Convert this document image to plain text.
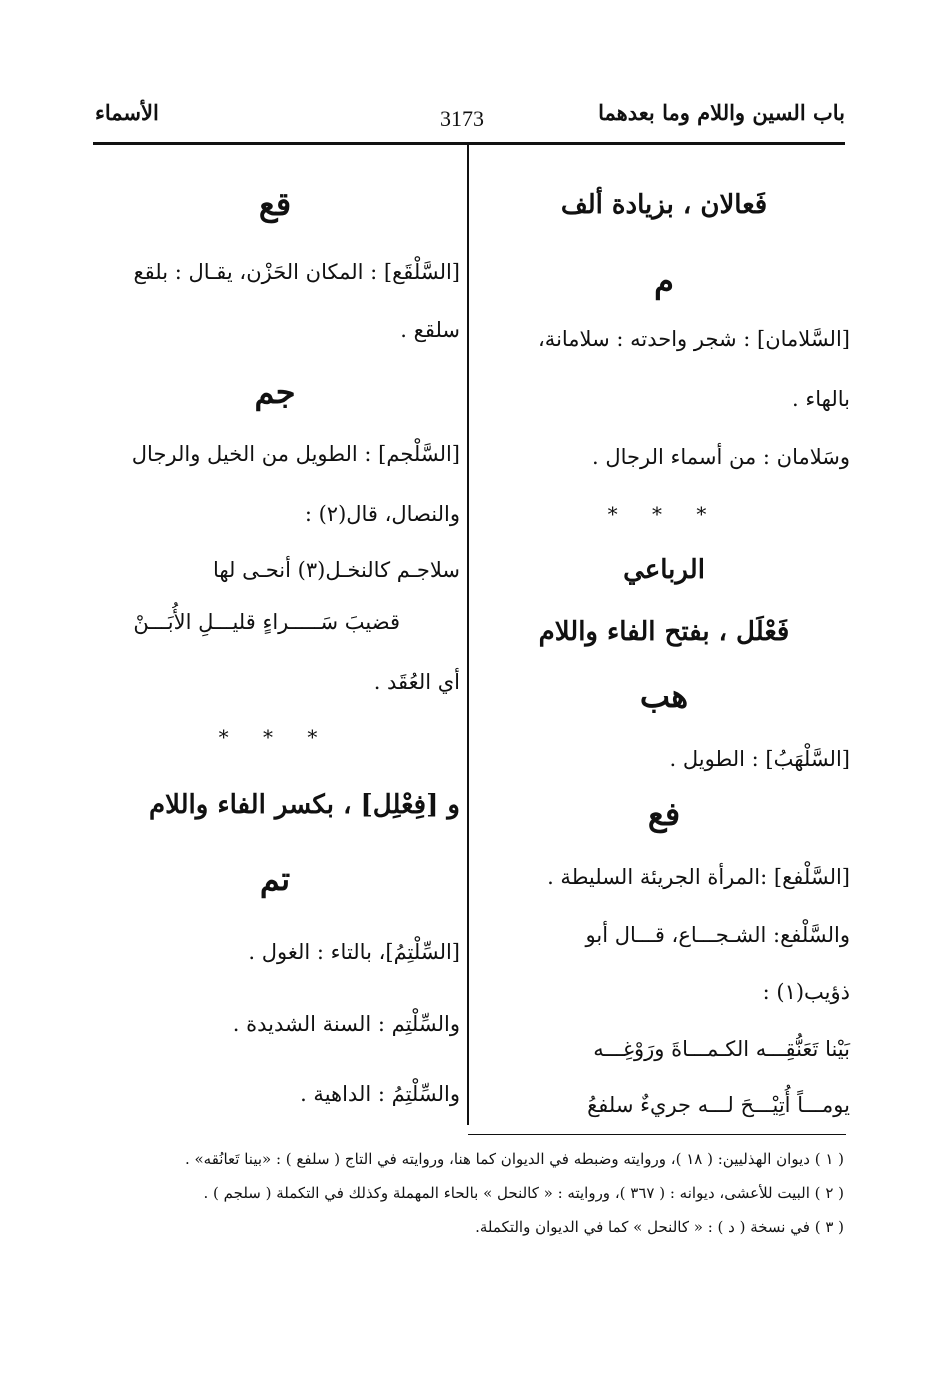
باب السين واللام وما بعدهما
3173
الأسماء
فَعالان ، بزيادة ألف
م
[السَّلامان] : شجر واحدته : سلامانة،
بالهاء .
وسَلامان : من أسماء الرجال .
* * *
الرباعي
فَعْلَل ، بفتح الفاء واللام
هب
[السَّلْهَبُ] : الطويل .
فع
[السَّلْفع] :المرأة الجريئة السليطة .
والسَّلْفع: الشـجـــاع، قـــال أبو
ذؤيب(١) :
بَيْنا تَعَنُّقِـــه الكـمـــاةَ ورَوْغِـــه
يومـــاً أُتِيْـــحَ لـــه جريءٌ سلفعُ
قع
[السَّلْقَع] : المكان الحَزْن، يقـال : بلقع
سلقع .
جم
[السَّلْجم] : الطويل من الخيل والرجال
والنصال، قال(٢) :
سلاجـم كالنخـل(٣) أنحـى لها
قضيبَ سَـــــراءٍ قليـــلِ الأُبَـــنْ
أي العُقَد .
* * *
و [فِعْلِل] ، بكسر الفاء واللام
تم
[السِّلْتِمُ]، بالتاء : الغول .
والسِّلْتِم : السنة الشديدة .
والسِّلْتِمُ : الداهية .
( ١ ) ديوان الهذليين: ( ١٨ )، وروايته وضبطه في الديوان كما هنا، وروايته في التاج ( سلفع ) : «بينا تَعانُقه» .
( ٢ ) البيت للأعشى، ديوانه : ( ٣٦٧ )، وروايته : « كالنحل » بالحاء المهملة وكذلك في التكملة ( سلجم ) .
( ٣ ) في نسخة ( د ) : « كالنحل » كما في الديوان والتكملة.
